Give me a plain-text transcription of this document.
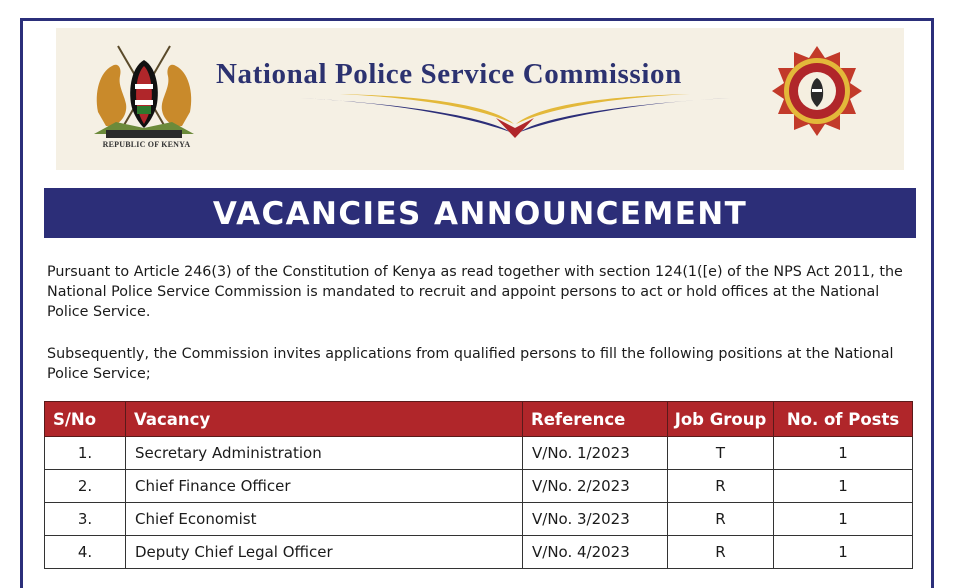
REPUBLIC OF KENYA
National Police Service Commission
VACANCIES ANNOUNCEMENT
Pursuant to Article 246(3) of the Constitution of Kenya as read together with section 124(1([e) of the NPS Act 2011, the National Police Service Commission is mandated to recruit and appoint persons to act or hold offices at the National Police Service.
Subsequently, the Commission invites applications from qualified persons to fill the following positions at the National Police Service;
S/No	Vacancy	Reference	Job Group	No. of Posts
1.	Secretary Administration	V/No. 1/2023	T	1
2.	Chief Finance Officer	V/No. 2/2023	R	1
3.	Chief Economist	V/No. 3/2023	R	1
4.	Deputy Chief Legal Officer	V/No. 4/2023	R	1
